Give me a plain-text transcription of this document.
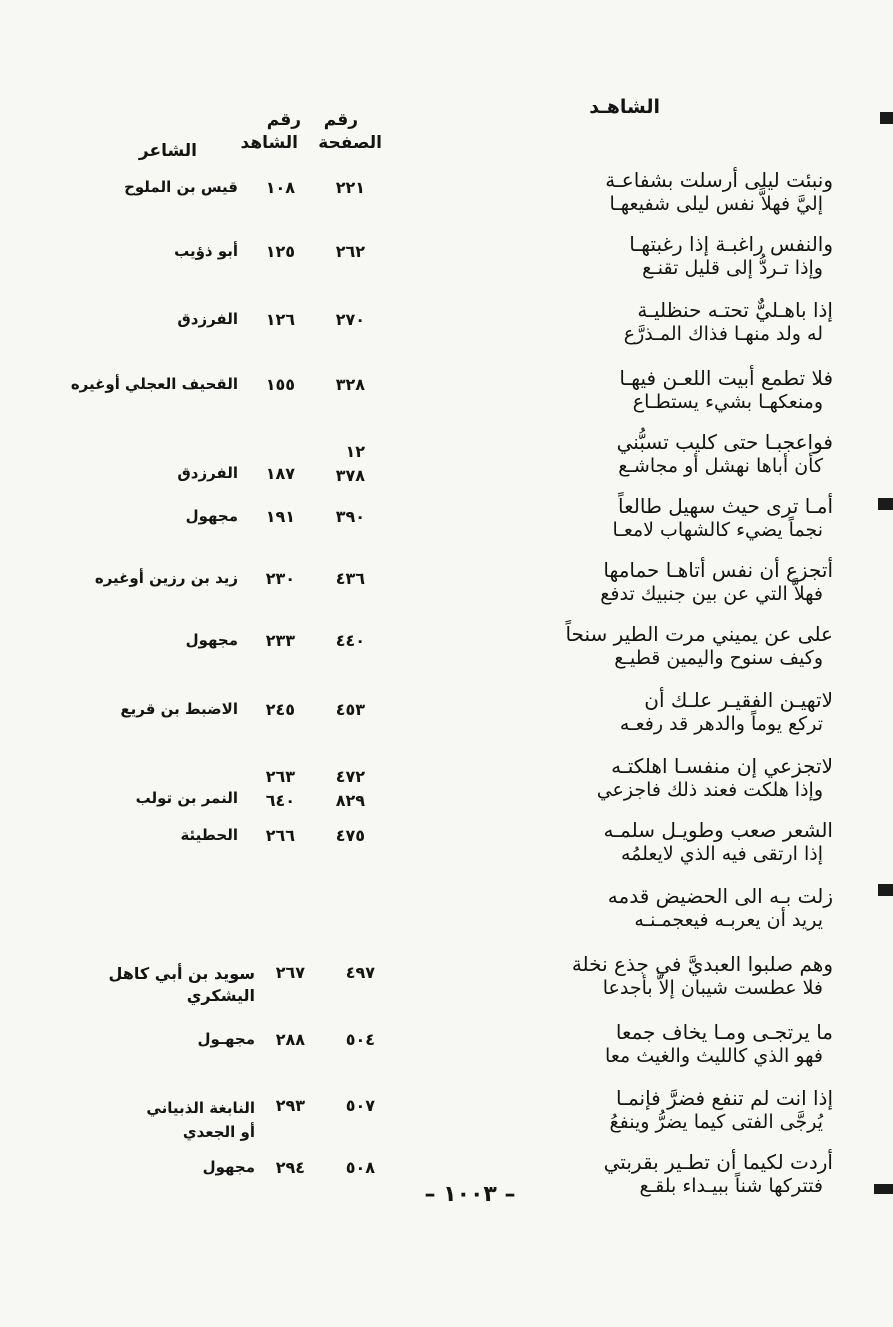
الشاهـد
رقم
الصفحة
رقم
الشاهد
الشاعر
ونبئت ليلى أرسلت بشفاعـة
إليَّ فهلاَّ نفس ليلى شفيعهـا
٢٢١
١٠٨
قيس بن الملوح
والنفس راغبـة إذا رغبتهـا
وإذا تـردُّ إلى قليل تقنـع
٢٦٢
١٢٥
أبو ذؤيب
إذا باهـليٌّ تحتـه حنظليـة
له ولد منهـا فذاك المـذرَّع
٢٧٠
١٢٦
الفرزدق
فلا تطمع أبيت اللعـن فيهـا
ومنعكهـا بشيء يستطـاع
٣٢٨
١٥٥
القحيف العجلي أوغيره
فواعجبـا حتى كليب تسبُّني
كأن أباها نهشل أو مجاشـع
١٢
٣٧٨
١٨٧
الفرزدق
أمـا ترى حيث سهيل طالعاً
نجماً يضيء كالشهاب لامعـا
٣٩٠
١٩١
مجهول
أتجزع أن نفس أتاهـا حمامها
فهلاَّ التي عن بين جنبيك تدفع
٤٣٦
٢٣٠
زيد بن رزين أوغيره
على عن يميني مرت الطير سنحاً
وكيف سنوح واليمين قطيـع
٤٤٠
٢٣٣
مجهول
لاتهيـن الفقيـر علـك أن
تركع يوماً والدهر قد رفعـه
٤٥٣
٢٤٥
الاضبط بن قريع
لاتجزعي إن منفسـا اهلكتـه
وإذا هلكت فعند ذلك فاجزعي
٤٧٢
٨٢٩
٢٦٣
٦٤٠
النمر بن تولب
الشعر صعب وطويـل سلمـه
إذا ارتقى فيه الذي لايعلمُه
٤٧٥
٢٦٦
الحطيئة
زلت بـه الى الحضيض قدمه
يريد أن يعربـه فيعجمـنـه
وهم صلبوا العبديَّ في جذع نخلة
فلا عطست شيبان إلاَّ بأجدعا
٤٩٧
٢٦٧
سويد بن أبي كاهل
اليشكري
ما يرتجـى ومـا يخاف جمعا
فهو الذي كالليث والغيث معا
٥٠٤
٢٨٨
مجهـول
إذا انت لم تنفع فضرَّ فإنمـا
يُرجَّى الفتى كيما يضرُّ وينفعُ
٥٠٧
٢٩٣
النابغة الذبياني
أو الجعدي
أردت لكيما أن تطـير بقربتي
فتتركها شناً ببيـداء بلقـع
٥٠٨
٢٩٤
مجهول
– ١٠٠٣ –
